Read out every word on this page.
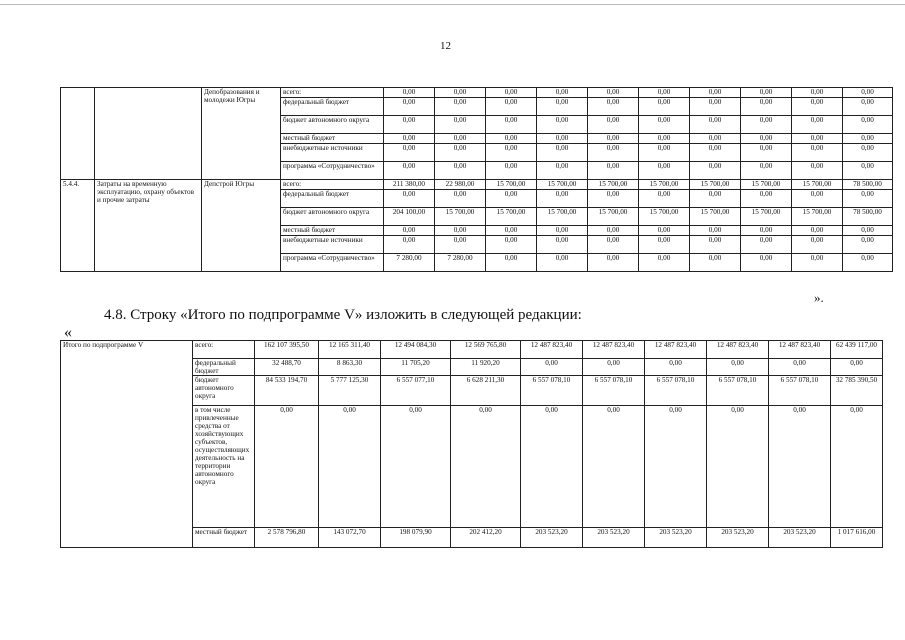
12
		Депобразования и молодежи Югры	всего:	0,00	0,00	0,00	0,00	0,00	0,00	0,00	0,00	0,00	0,00
			федеральный бюджет	0,00	0,00	0,00	0,00	0,00	0,00	0,00	0,00	0,00	0,00
			бюджет автономного округа	0,00	0,00	0,00	0,00	0,00	0,00	0,00	0,00	0,00	0,00
			местный бюджет	0,00	0,00	0,00	0,00	0,00	0,00	0,00	0,00	0,00	0,00
			внебюджетные источники	0,00	0,00	0,00	0,00	0,00	0,00	0,00	0,00	0,00	0,00
			программа «Сотрудничество»	0,00	0,00	0,00	0,00	0,00	0,00	0,00	0,00	0,00	0,00
5.4.4.	Затраты на временную эксплуатацию, охрану объектов и прочие затраты	Депстрой Югры	всего:	211 380,00	22 980,00	15 700,00	15 700,00	15 700,00	15 700,00	15 700,00	15 700,00	15 700,00	78 500,00
			федеральный бюджет	0,00	0,00	0,00	0,00	0,00	0,00	0,00	0,00	0,00	0,00
			бюджет автономного округа	204 100,00	15 700,00	15 700,00	15 700,00	15 700,00	15 700,00	15 700,00	15 700,00	15 700,00	78 500,00
			местный бюджет	0,00	0,00	0,00	0,00	0,00	0,00	0,00	0,00	0,00	0,00
			внебюджетные источники	0,00	0,00	0,00	0,00	0,00	0,00	0,00	0,00	0,00	0,00
			программа «Сотрудничество»	7 280,00	7 280,00	0,00	0,00	0,00	0,00	0,00	0,00	0,00	0,00
».
4.8. Строку «Итого по подпрограмме V» изложить в следующей редакции:
«
Итого по подпрограмме V	всего:	162 107 395,50	12 165 311,40	12 494 084,30	12 569 765,80	12 487 823,40	12 487 823,40	12 487 823,40	12 487 823,40	12 487 823,40	62 439 117,00
	федеральный бюджет	32 488,70	8 863,30	11 705,20	11 920,20	0,00	0,00	0,00	0,00	0,00	0,00
	бюджет автономного округа	84 533 194,70	5 777 125,30	6 557 077,10	6 628 211,30	6 557 078,10	6 557 078,10	6 557 078,10	6 557 078,10	6 557 078,10	32 785 390,50
	в том числе привлеченные средства от хозяйствующих субъектов, осуществляющих деятельность на территории автономного округа	0,00	0,00	0,00	0,00	0,00	0,00	0,00	0,00	0,00	0,00
	местный бюджет	2 578 796,80	143 072,70	198 079,90	202 412,20	203 523,20	203 523,20	203 523,20	203 523,20	203 523,20	1 017 616,00
